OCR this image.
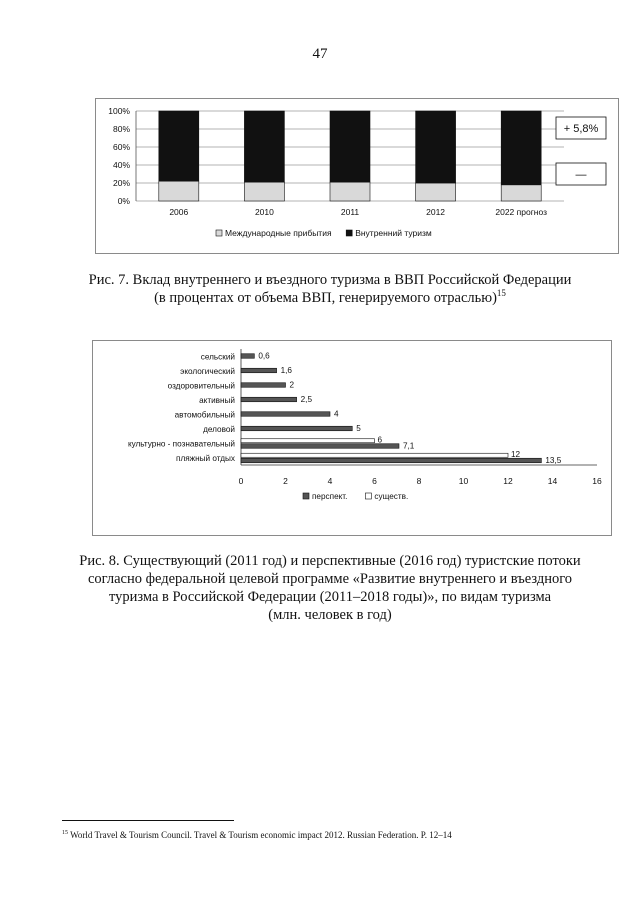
47
0%
20%
40%
60%
80%
100%
2006	2010	2011	2012	2022 прогноз
+ 5,8%
—
Международные прибытия	Внутренний туризм
Рис. 7. Вклад внутреннего и въездного туризма в ВВП Российской Федерации
(в процентах от объема ВВП, генерируемого отраслью)$^{15}$
0	2	4	6	8	10	12	14	16
сельский	0,6
экологический	1,6
оздоровительный	2
активный	2,5
автомобильный	4
деловой	5
культурно - познавательный	6
7,1
пляжный отдых	12
13,5
перспект.	существ.
Рис. 8. Существующий (2011 год) и перспективные (2016 год) туристские потоки
согласно федеральной целевой программе «Развитие внутреннего и въездного
туризма в Российской Федерации (2011–2018 годы)», по видам туризма
(млн. человек в год)
$^{15}$ World Travel & Tourism Council. Travel & Tourism economic impact 2012. Russian Federation. P. 12–14
